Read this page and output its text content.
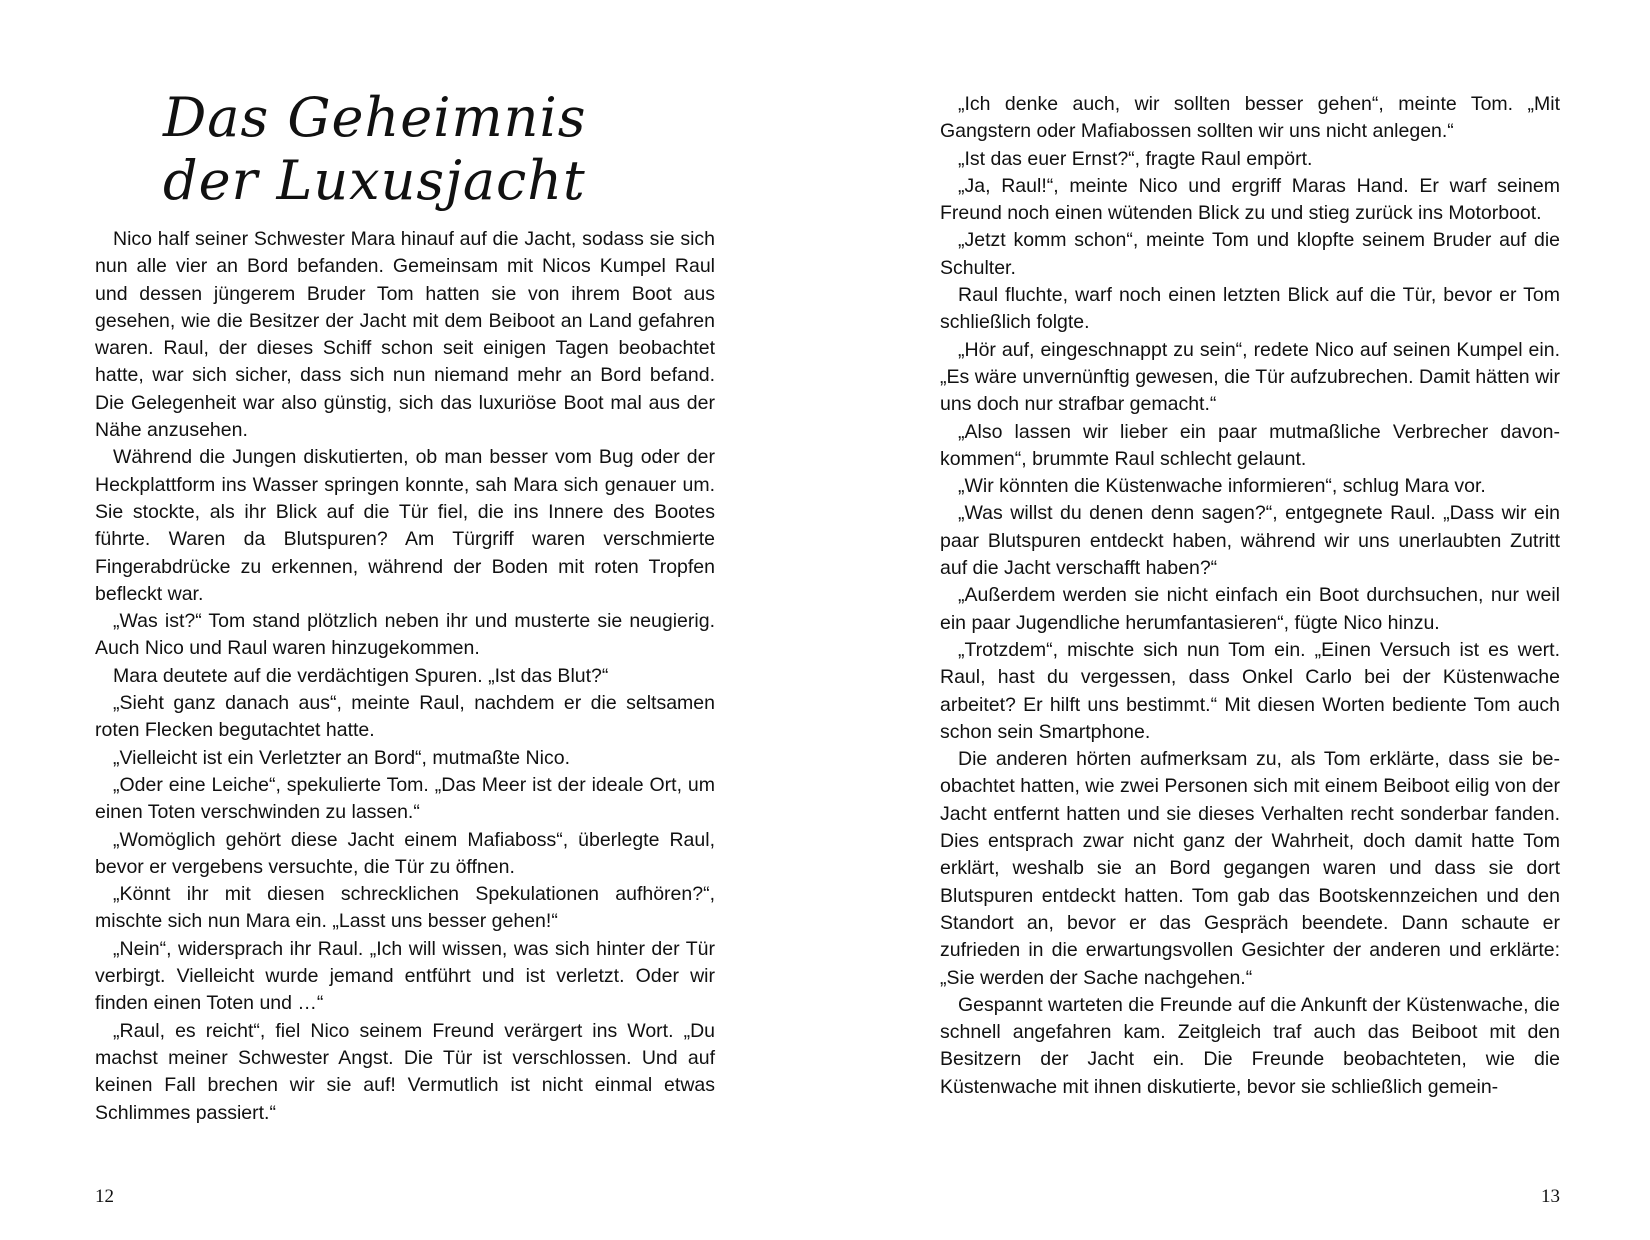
Das Geheimnis der Luxusjacht

Nico half seiner Schwester Mara hinauf auf die Jacht, sodass sie sich nun alle vier an Bord befanden. Gemeinsam mit Nicos Kumpel Raul und dessen jüngerem Bruder Tom hatten sie von ihrem Boot aus gesehen, wie die Besitzer der Jacht mit dem Beiboot an Land gefahren waren. Raul, der dieses Schiff schon seit einigen Tagen beobachtet hatte, war sich sicher, dass sich nun niemand mehr an Bord befand. Die Gelegenheit war also günstig, sich das luxuriöse Boot mal aus der Nähe anzusehen.

Während die Jungen diskutierten, ob man besser vom Bug oder der Heckplattform ins Wasser springen konnte, sah Mara sich genauer um. Sie stockte, als ihr Blick auf die Tür fiel, die ins Innere des Bootes führte. Waren da Blutspuren? Am Türgriff waren verschmierte Fingerabdrücke zu erkennen, während der Boden mit roten Tropfen befleckt war.

„Was ist?“ Tom stand plötzlich neben ihr und musterte sie neugierig. Auch Nico und Raul waren hinzugekommen.

Mara deutete auf die verdächtigen Spuren. „Ist das Blut?“

„Sieht ganz danach aus“, meinte Raul, nachdem er die seltsamen roten Flecken begutachtet hatte.

„Vielleicht ist ein Verletzter an Bord“, mutmaßte Nico.

„Oder eine Leiche“, spekulierte Tom. „Das Meer ist der ideale Ort, um einen Toten verschwinden zu lassen.“

„Womöglich gehört diese Jacht einem Mafiaboss“, überlegte Raul, bevor er vergebens versuchte, die Tür zu öffnen.

„Könnt ihr mit diesen schrecklichen Spekulationen aufhören?“, mischte sich nun Mara ein. „Lasst uns besser gehen!“

„Nein“, widersprach ihr Raul. „Ich will wissen, was sich hinter der Tür verbirgt. Vielleicht wurde jemand entführt und ist verletzt. Oder wir finden einen Toten und …“

„Raul, es reicht“, fiel Nico seinem Freund verärgert ins Wort. „Du machst meiner Schwester Angst. Die Tür ist verschlossen. Und auf keinen Fall brechen wir sie auf! Vermutlich ist nicht einmal etwas Schlimmes passiert.“

12

„Ich denke auch, wir sollten besser gehen“, meinte Tom. „Mit Gangstern oder Mafiabossen sollten wir uns nicht anlegen.“

„Ist das euer Ernst?“, fragte Raul empört.

„Ja, Raul!“, meinte Nico und ergriff Maras Hand. Er warf seinem Freund noch einen wütenden Blick zu und stieg zurück ins Motorboot.

„Jetzt komm schon“, meinte Tom und klopfte seinem Bruder auf die Schulter.

Raul fluchte, warf noch einen letzten Blick auf die Tür, bevor er Tom schließlich folgte.

„Hör auf, eingeschnappt zu sein“, redete Nico auf seinen Kumpel ein. „Es wäre unvernünftig gewesen, die Tür aufzubrechen. Damit hätten wir uns doch nur strafbar gemacht.“

„Also lassen wir lieber ein paar mutmaßliche Verbrecher davonkommen“, brummte Raul schlecht gelaunt.

„Wir könnten die Küstenwache informieren“, schlug Mara vor.

„Was willst du denen denn sagen?“, entgegnete Raul. „Dass wir ein paar Blutspuren entdeckt haben, während wir uns unerlaubten Zutritt auf die Jacht verschafft haben?“

„Außerdem werden sie nicht einfach ein Boot durchsuchen, nur weil ein paar Jugendliche herumfantasieren“, fügte Nico hinzu.

„Trotzdem“, mischte sich nun Tom ein. „Einen Versuch ist es wert. Raul, hast du vergessen, dass Onkel Carlo bei der Küstenwache arbeitet? Er hilft uns bestimmt.“ Mit diesen Worten bediente Tom auch schon sein Smartphone.

Die anderen hörten aufmerksam zu, als Tom erklärte, dass sie beobachtet hatten, wie zwei Personen sich mit einem Beiboot eilig von der Jacht entfernt hatten und sie dieses Verhalten recht sonderbar fanden. Dies entsprach zwar nicht ganz der Wahrheit, doch damit hatte Tom erklärt, weshalb sie an Bord gegangen waren und dass sie dort Blutspuren entdeckt hatten. Tom gab das Bootskennzeichen und den Standort an, bevor er das Gespräch beendete. Dann schaute er zufrieden in die erwartungsvollen Gesichter der anderen und erklärte: „Sie werden der Sache nachgehen.“

Gespannt warteten die Freunde auf die Ankunft der Küstenwache, die schnell angefahren kam. Zeitgleich traf auch das Beiboot mit den Besitzern der Jacht ein. Die Freunde beobachteten, wie die Küstenwache mit ihnen diskutierte, bevor sie schließlich gemein-

13
